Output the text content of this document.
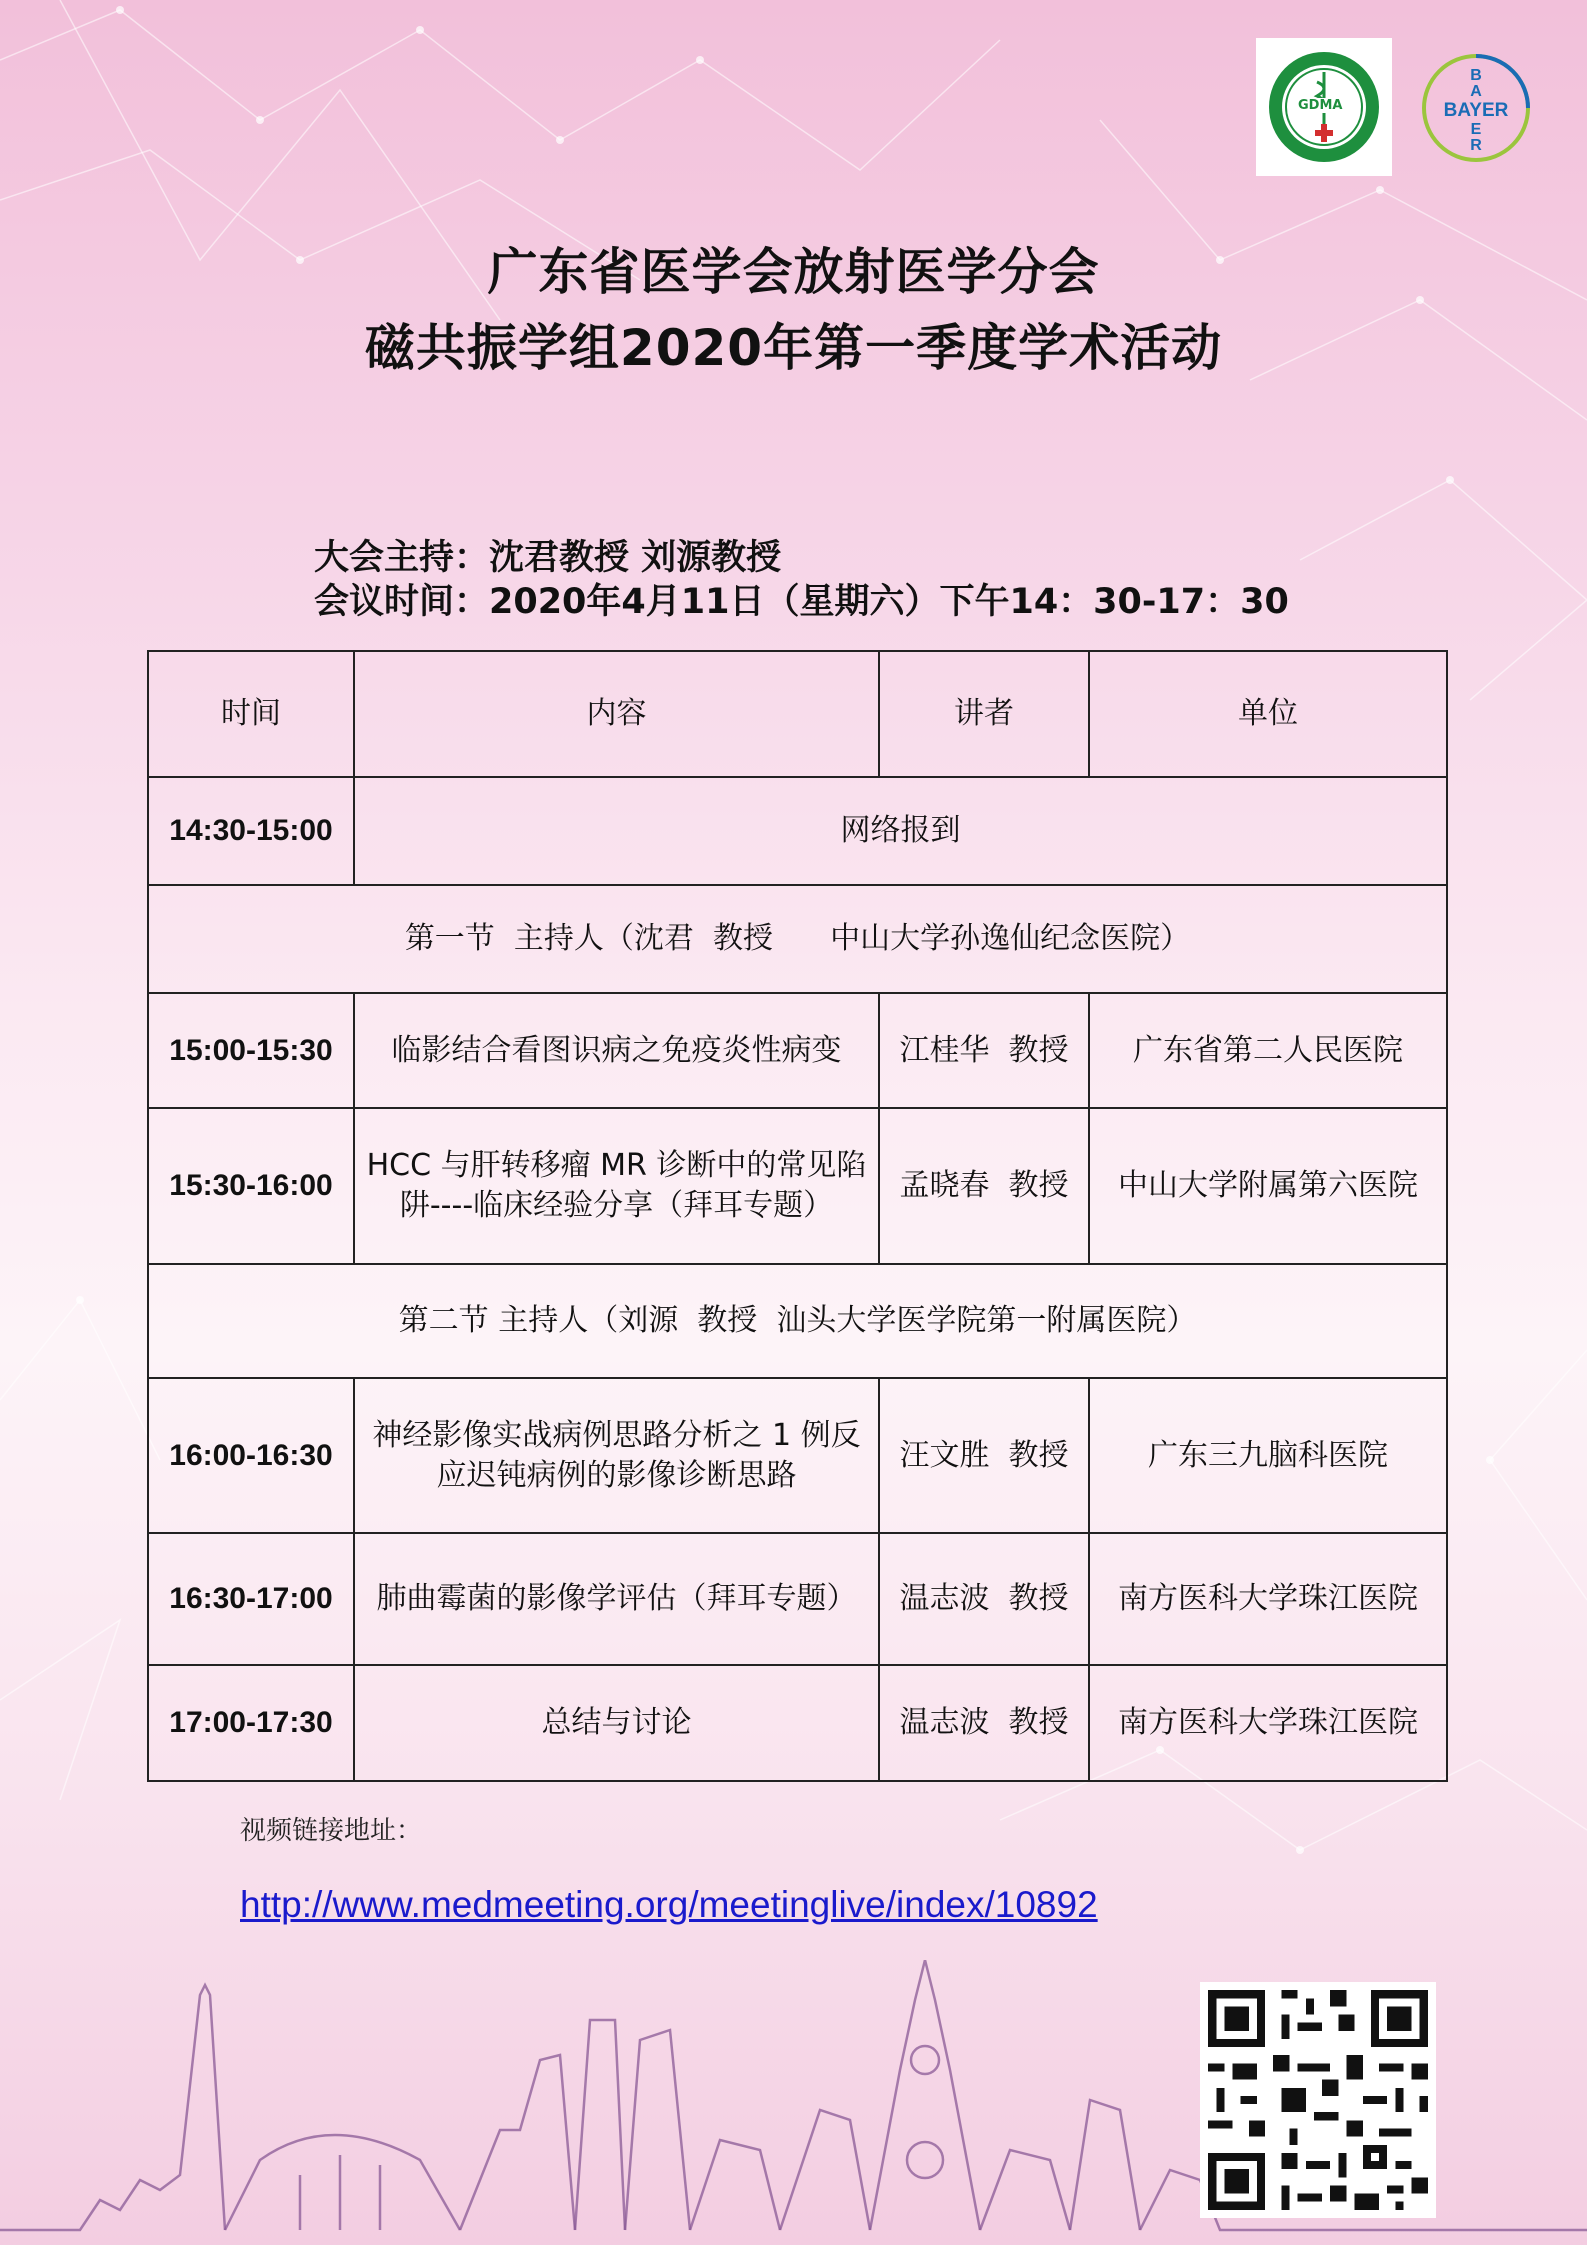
GDMA
B
A
BAYER
E
R
广东省医学会放射医学分会
磁共振学组2020年第一季度学术活动
大会主持：沈君教授 刘源教授
会议时间：2020年4月11日（星期六）下午14：30-17：30
时间	内容	讲者	单位
14:30-15:00	网络报到		
第一节  主持人（沈君  教授      中山大学孙逸仙纪念医院）			
15:00-15:30	临影结合看图识病之免疫炎性病变	江桂华  教授	广东省第二人民医院
15:30-16:00	HCC 与肝转移瘤 MR 诊断中的常见陷阱----临床经验分享（拜耳专题）	孟晓春  教授	中山大学附属第六医院
第二节 主持人（刘源  教授  汕头大学医学院第一附属医院）			
16:00-16:30	神经影像实战病例思路分析之 1 例反应迟钝病例的影像诊断思路	汪文胜  教授	广东三九脑科医院
16:30-17:00	肺曲霉菌的影像学评估（拜耳专题）	温志波  教授	南方医科大学珠江医院
17:00-17:30	总结与讨论	温志波  教授	南方医科大学珠江医院
视频链接地址：
http://www.medmeeting.org/meetinglive/index/10892
